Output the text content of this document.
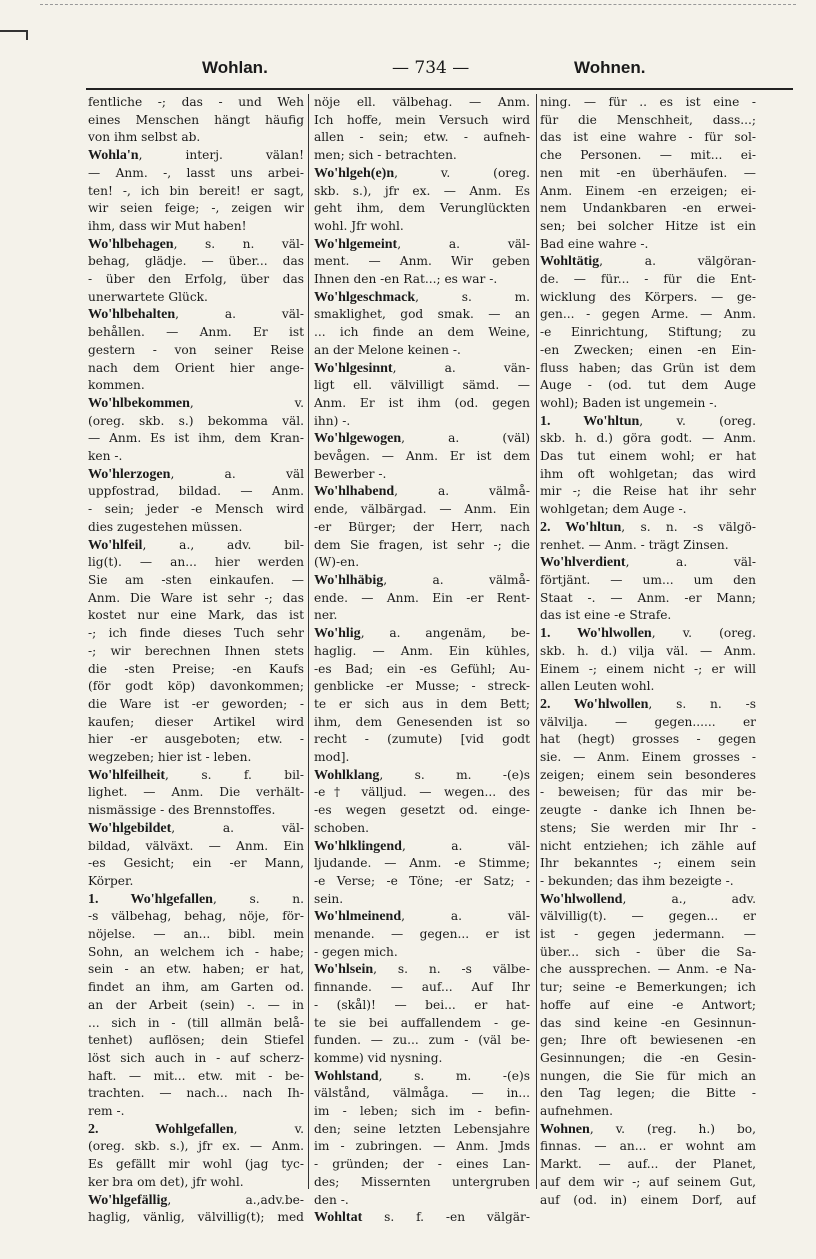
Wohlan.	— 734 —	Wohnen.
fentliche -; das - und Weh
eines Menschen hängt häufig
von ihm selbst ab.
Wohla'n, interj. välan!
— Anm. -, lasst uns arbei-
ten! -, ich bin bereit! er sagt,
wir seien feige; -, zeigen wir
ihm, dass wir Mut haben!
Wo'hlbehagen, s. n. väl-
behag, glädje. — über... das
- über den Erfolg, über das
unerwartete Glück.
Wo'hlbehalten, a. väl-
behållen. — Anm. Er ist
gestern - von seiner Reise
nach dem Orient hier ange-
kommen.
Wo'hlbekommen, v.
(oreg. skb. s.) bekomma väl.
— Anm. Es ist ihm, dem Kran-
ken -.
Wo'hlerzogen, a. väl
uppfostrad, bildad. — Anm.
- sein; jeder -e Mensch wird
dies zugestehen müssen.
Wo'hlfeil, a., adv. bil-
lig(t). — an... hier werden
Sie am -sten einkaufen. —
Anm. Die Ware ist sehr -; das
kostet nur eine Mark, das ist
-; ich finde dieses Tuch sehr
-; wir berechnen Ihnen stets
die -sten Preise; -en Kaufs
(för godt köp) davonkommen;
die Ware ist -er geworden; -
kaufen; dieser Artikel wird
hier -er ausgeboten; etw. -
wegzeben; hier ist - leben.
Wo'hlfeilheit, s. f. bil-
lighet. — Anm. Die verhält-
nismässige - des Brennstoffes.
Wo'hlgebildet, a. väl-
bildad, välväxt. — Anm. Ein
-es Gesicht; ein -er Mann,
Körper.
1. Wo'hlgefallen, s. n.
-s välbehag, behag, nöje, för-
nöjelse. — an... bibl. mein
Sohn, an welchem ich - habe;
sein - an etw. haben; er hat,
findet an ihm, am Garten od.
an der Arbeit (sein) -. — in
... sich in - (till allmän belå-
tenhet) auflösen; dein Stiefel
löst sich auch in - auf scherz-
haft. — mit... etw. mit - be-
trachten. — nach... nach Ih-
rem -.
2. Wohlgefallen, v.
(oreg. skb. s.), jfr ex. — Anm.
Es gefällt mir wohl (jag tyc-
ker bra om det), jfr wohl.
Wo'hlgefällig, a.,adv.be-
haglig, vänlig, välvillig(t); med
nöje ell. välbehag. — Anm.
Ich hoffe, mein Versuch wird
allen - sein; etw. - aufneh-
men; sich - betrachten.
Wo'hlgeh(e)n, v. (oreg.
skb. s.), jfr ex. — Anm. Es
geht ihm, dem Verunglückten
wohl. Jfr wohl.
Wo'hlgemeint, a. väl-
ment. — Anm. Wir geben
Ihnen den -en Rat...; es war -.
Wo'hlgeschmack, s. m.
smaklighet, god smak. — an
... ich finde an dem Weine,
an der Melone keinen -.
Wo'hlgesinnt, a. vän-
ligt ell. välvilligt sämd. —
Anm. Er ist ihm (od. gegen
ihn) -.
Wo'hlgewogen, a. (väl)
bevågen. — Anm. Er ist dem
Bewerber -.
Wo'hlhabend, a. välmå-
ende, välbärgad. — Anm. Ein
-er Bürger; der Herr, nach
dem Sie fragen, ist sehr -; die
(W)-en.
Wo'hlhäbig, a. välmå-
ende. — Anm. Ein -er Rent-
ner.
Wo'hlig, a. angenäm, be-
haglig. — Anm. Ein kühles,
-es Bad; ein -es Gefühl; Au-
genblicke -er Musse; - streck-
te er sich aus in dem Bett;
ihm, dem Genesenden ist so
recht - (zumute) [vid godt
mod].
Wohlklang, s. m. -(e)s
-e† välljud. — wegen... des
-es wegen gesetzt od. einge-
schoben.
Wo'hlklingend, a. väl-
ljudande. — Anm. -e Stimme;
-e Verse; -e Töne; -er Satz; -
sein.
Wo'hlmeinend, a. väl-
menande. — gegen... er ist
- gegen mich.
Wo'hlsein, s. n. -s välbe-
finnande. — auf... Auf Ihr
- (skål)! — bei... er hat-
te sie bei auffallendem - ge-
funden. — zu... zum - (väl be-
komme) vid nysning.
Wohlstand, s. m. -(e)s
välstånd, välmåga. — in...
im - leben; sich im - befin-
den; seine letzten Lebensjahre
im - zubringen. — Anm. Jmds
- gründen; der - eines Lan-
des; Missernten untergruben
den -.
Wohltat s. f. -en välgär-
ning. — für .. es ist eine -
für die Menschheit, dass...;
das ist eine wahre - für sol-
che Personen. — mit... ei-
nen mit -en überhäufen. —
Anm. Einem -en erzeigen; ei-
nem Undankbaren -en erwei-
sen; bei solcher Hitze ist ein
Bad eine wahre -.
Wohltätig, a. välgöran-
de. — für... - für die Ent-
wicklung des Körpers. — ge-
gen... - gegen Arme. — Anm.
-e Einrichtung, Stiftung; zu
-en Zwecken; einen -en Ein-
fluss haben; das Grün ist dem
Auge - (od. tut dem Auge
wohl); Baden ist ungemein -.
1. Wo'hltun, v. (oreg.
skb. h. d.) göra godt. — Anm.
Das tut einem wohl; er hat
ihm oft wohlgetan; das wird
mir -; die Reise hat ihr sehr
wohlgetan; dem Auge -.
2. Wo'hltun, s. n. -s välgö-
renhet. — Anm. - trägt Zinsen.
Wo'hlverdient, a. väl-
förtjänt. — um... um den
Staat -. — Anm. -er Mann;
das ist eine -e Strafe.
1. Wo'hlwollen, v. (oreg.
skb. h. d.) vilja väl. — Anm.
Einem -; einem nicht -; er will
allen Leuten wohl.
2. Wo'hlwollen, s. n. -s
välvilja. — gegen...... er
hat (hegt) grosses - gegen
sie. — Anm. Einem grosses -
zeigen; einem sein besonderes
- beweisen; für das mir be-
zeugte - danke ich Ihnen be-
stens; Sie werden mir Ihr -
nicht entziehen; ich zähle auf
Ihr bekanntes -; einem sein
- bekunden; das ihm bezeigte -.
Wo'hlwollend, a., adv.
välvillig(t). — gegen... er
ist - gegen jedermann. —
über... sich - über die Sa-
che aussprechen. — Anm. -e Na-
tur; seine -e Bemerkungen; ich
hoffe auf eine -e Antwort;
das sind keine -en Gesinnun-
gen; Ihre oft bewiesenen -en
Gesinnungen; die -en Gesin-
nungen, die Sie für mich an
den Tag legen; die Bitte -
aufnehmen.
Wohnen, v. (reg. h.) bo,
finnas. — an... er wohnt am
Markt. — auf... der Planet,
auf dem wir -; auf seinem Gut,
auf (od. in) einem Dorf, auf
